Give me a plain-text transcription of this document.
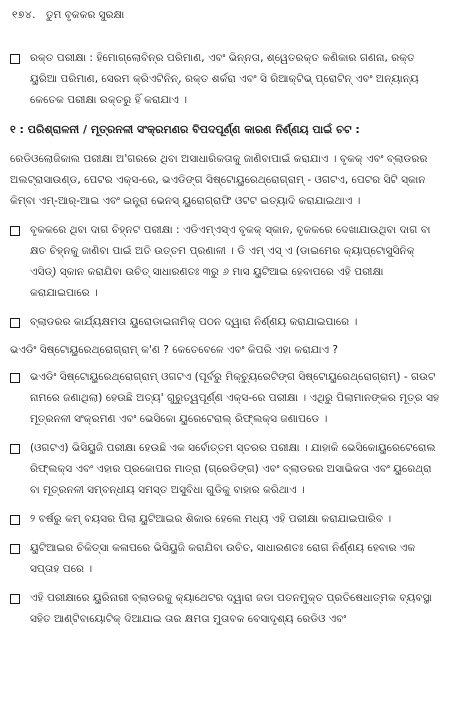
୧୭୪. ତୁମ ବୃକକର ସୁରକ୍ଷା

ରକ୍ତ ପରୀକ୍ଷା : ହିମୋଗ୍ଲୋବିନ୍‌ର ପରିମାଣ, ଏବଂ ଭିନ୍ନତା, ଶ୍ୱେତରକ୍ତ କଣିକାର ଗଣନା, ରକ୍ତ ୟୁରିଆ ପରିମାଣ, ସେରମ କ୍ରିଏଟିନିନ୍, ରକ୍ତ ଶର୍କରା ଏବଂ ସି ରିଆକ୍ଟିଭ୍ ପ୍ରୋଟିନ୍ ଏବଂ ଅନ୍ୟାନ୍ୟ କେତେକ ପରୀକ୍ଷା ରକ୍ତରୁ ହିଁ କରାଯାଏ ।

୧ : ପରିଶ୍ରାଳନୀ / ମୂତ୍ରନଳୀ ସଂକ୍ରମଣର ବିପଦପୂର୍ଣ୍ଣ କାରଣ ନିର୍ଣ୍ଣୟ ପାଇଁ ଚଟ :

ରେଡିଓଲୋଜିକାଲ ପରୀକ୍ଷା ଅ'ଗରରେ ଥିବା ଅସାଧାରିକତାକୁ ଜାଣିବାପାଇଁ କରାଯାଏ । ବୃକକ୍ ଏବଂ ବ୍ଲାଡରର ଅଲଟ୍ରାସାଉଣ୍ଡ, ପେଟର ଏକ୍ସ-ରେ, ଭଏଡିଙ୍ଗ ସିଷ୍ଟୋୟୁରେଥ୍ରୋଗ୍ରାମ୍ - ଓଗଟଏ, ପେଟର ସିଟି ସ୍କାନ କିମ୍ବା ଏମ୍-ଆର୍-ଆଇ ଏବଂ ଇନ୍ଟ୍ରା ଭେନସ୍ ୟୁରୋଗ୍ରାଫି ଓଟଟ ଇତ୍ୟାଦି କରାଯାଇଥାଏ ।

ବୃକକରେ ଥିବା ଦାଗ ଚିହ୍ନଟ ପରୀକ୍ଷା : ଏଡିଏମ୍‌ଏସ୍‌ଏ ବୃକକ୍ ସ୍କାନ, ବୃକକରେ ଦେଖାଯାଉଥିବା ଦାଗ ବା କ୍ଷତ ଚିହ୍ନକୁ ଜାଣିବା ପାଇଁ ଅତି ଉତ୍ତମ ପ୍ରଣାଳୀ । ଡି ଏମ୍ ଏସ୍ ଏ (ଡାଇମେର କ୍ୟାପ୍ଟୋସୁସିନିକ୍ ଏସିଡ୍) ସ୍କାନ କରାଯିବା ଉଚିତ୍ ସାଧାରଣତଃ ୩ରୁ ୬ ମାସ ୟୁଟିଆଇ ହେବାପରେ ଏହି ପରୀକ୍ଷା କରାଯାଇପାରେ ।

ବ୍ଲାଡରର କାର୍ଯ୍ୟକ୍ଷମତା ୟୁରୋଡାଇନାମିକ୍ ପଠନ ଦ୍ୱାରା ନିର୍ଣ୍ଣୟ କରାଯାଇପାରେ ।

ଭଏଡିଂ ସିଷ୍ଟୋୟୁରେଥ୍ରୋଗ୍ରାମ୍ କ'ଣ ? କେତେବେଳେ ଏବଂ କିପରି ଏହା କରାଯାଏ ?

ଭଏଡିଂ ସିଷ୍ଟୋୟୁରେଥ୍ରୋଗ୍ରାମ୍ ଓଗଟଏ (ପୂର୍ବରୁ ମିକ୍ଚ୍ୟୁରେଟିଙ୍ଗ ସିଷ୍ଟୋୟୁରେଥ୍ରୋଗ୍ରାମ୍) - ଗଉଟ ନାମରେ ଜଣାଥିଲା) ହେଉଛି ଅତ୍ୟ' ଗୁରୁତ୍ୱପୂର୍ଣ୍ଣ ଏକ୍ସ-ରେ ପରୀକ୍ଷା । ଏଥିରୁ ପିଲାମାନଙ୍କର ମୂତ୍ର ସହ ମୂତ୍ରନଳୀ ସଂକ୍ରମଣ ଏବଂ ଭେସିକୋ ୟୁରେଟେରାଲ୍ ରିଫ୍ଲକ୍ସ ଜଣାପଡେ ।

(ଓଗଟଏ) ଭିସିୟୁଜି ପରୀକ୍ଷା ହେଉଛି ଏକ ସର୍ବୋତ୍ତମ ସ୍ତରର ପରୀକ୍ଷା । ଯାହାକି ଭେସିକୋୟୁରେଟେରୋଲ ରିଫ୍ଲକ୍ସ ଏବଂ ଏହାର ପ୍ରକୋପର ମାତ୍ରା (ଗ୍ରେଡିଙ୍ଗ) ଏବଂ ବ୍ଲାଡରର ଅସାଭିକତା ଏବଂ ୟୁରେଥ୍ରା ବା ମୂତ୍ରନଳୀ ସମ୍ବନ୍ଧୀୟ ସମସ୍ତ ଅସୁବିଧା ଗୁଡିକୁ ବାହାର କରିଥାଏ ।

୨ ବର୍ଷରୁ କମ୍ ବୟସର ପିଲା ୟୁଟିଆଇର ଶିକାର ହେଲେ ମଧ୍ୟ ଏହି ପରୀକ୍ଷା କରାଯାଇପାରିବ ।

ୟୁଟିଆଇର ଚିକିତ୍ସା କଳାପରେ ଭିସିୟୁଜି କରାଯିବା ଉଚିତ, ସାଧାରଣତଃ ରୋଗ ନିର୍ଣ୍ଣୟ ହେବାର ଏକ ସପ୍ତାହ ପରେ ।

ଏହି ପରୀକ୍ଷାରେ ୟୁରିନାରୀ ବ୍ଲାଡରକୁ କ୍ୟାଥେଟର ଦ୍ୱାରା ଜଡା ପତନମୁକ୍ତ ପ୍ରତିଷେଧାତ୍ମକ ବ୍ୟବସ୍ଥା ସହିତ ଆଣ୍ଟିବାୟୋଟିକ୍ ଦିଆଯାଇ ତାର କ୍ଷମତା ମୁତାବକ ବେସାଦୃଶ୍ୟ ରେଡିଓ ଏବଂ
